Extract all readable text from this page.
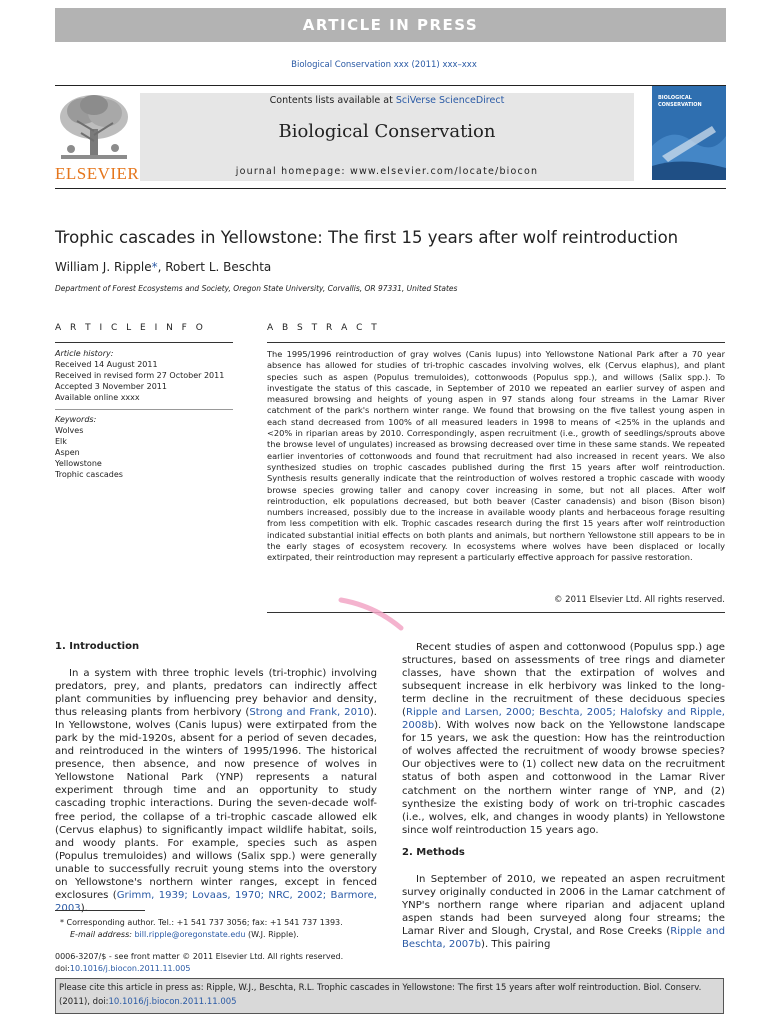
ARTICLE IN PRESS
Biological Conservation xxx (2011) xxx–xxx
ELSEVIER
Contents lists available at SciVerse ScienceDirect
Biological Conservation
journal homepage: www.elsevier.com/locate/biocon
BIOLOGICAL
CONSERVATION
Trophic cascades in Yellowstone: The first 15 years after wolf reintroduction
William J. Ripple*, Robert L. Beschta
Department of Forest Ecosystems and Society, Oregon State University, Corvallis, OR 97331, United States
A R T I C L E I N F O	A B S T R A C T
Article history:
Received 14 August 2011
Received in revised form 27 October 2011
Accepted 3 November 2011
Available online xxxx
Keywords:
Wolves
Elk
Aspen
Yellowstone
Trophic cascades

The 1995/1996 reintroduction of gray wolves (Canis lupus) into Yellowstone National Park after a 70 year absence has allowed for studies of tri-trophic cascades involving wolves, elk (Cervus elaphus), and plant species such as aspen (Populus tremuloides), cottonwoods (Populus spp.), and willows (Salix spp.). To investigate the status of this cascade, in September of 2010 we repeated an earlier survey of aspen and measured browsing and heights of young aspen in 97 stands along four streams in the Lamar River catchment of the park's northern winter range. We found that browsing on the five tallest young aspen in each stand decreased from 100% of all measured leaders in 1998 to means of <25% in the uplands and <20% in riparian areas by 2010. Correspondingly, aspen recruitment (i.e., growth of seedlings/sprouts above the browse level of ungulates) increased as browsing decreased over time in these same stands. We repeated earlier inventories of cottonwoods and found that recruitment had also increased in recent years. We also synthesized studies on trophic cascades published during the first 15 years after wolf reintroduction. Synthesis results generally indicate that the reintroduction of wolves restored a trophic cascade with woody browse species growing taller and canopy cover increasing in some, but not all places. After wolf reintroduction, elk populations decreased, but both beaver (Caster canadensis) and bison (Bison bison) numbers increased, possibly due to the increase in available woody plants and herbaceous forage resulting from less competition with elk. Trophic cascades research during the first 15 years after wolf reintroduction indicated substantial initial effects on both plants and animals, but northern Yellowstone still appears to be in the early stages of ecosystem recovery. In ecosystems where wolves have been displaced or locally extirpated, their reintroduction may represent a particularly effective approach for passive restoration.

© 2011 Elsevier Ltd. All rights reserved.
1. Introduction

In a system with three trophic levels (tri-trophic) involving predators, prey, and plants, predators can indirectly affect plant communities by influencing prey behavior and density, thus releasing plants from herbivory (Strong and Frank, 2010). In Yellowstone, wolves (Canis lupus) were extirpated from the park by the mid-1920s, absent for a period of seven decades, and reintroduced in the winters of 1995/1996. The historical presence, then absence, and now presence of wolves in Yellowstone National Park (YNP) represents a natural experiment through time and an opportunity to study cascading trophic interactions. During the seven-decade wolf-free period, the collapse of a tri-trophic cascade allowed elk (Cervus elaphus) to significantly impact wildlife habitat, soils, and woody plants. For example, species such as aspen (Populus tremuloides) and willows (Salix spp.) were generally unable to successfully recruit young stems into the overstory on Yellowstone's northern winter ranges, except in fenced exclosures (Grimm, 1939; Lovaas, 1970; NRC, 2002; Barmore, 2003).

Recent studies of aspen and cottonwood (Populus spp.) age structures, based on assessments of tree rings and diameter classes, have shown that the extirpation of wolves and subsequent increase in elk herbivory was linked to the long-term decline in the recruitment of these deciduous species (Ripple and Larsen, 2000; Beschta, 2005; Halofsky and Ripple, 2008b). With wolves now back on the Yellowstone landscape for 15 years, we ask the question: How has the reintroduction of wolves affected the recruitment of woody browse species? Our objectives were to (1) collect new data on the recruitment status of both aspen and cottonwood in the Lamar River catchment on the northern winter range of YNP, and (2) synthesize the existing body of work on tri-trophic cascades (i.e., wolves, elk, and changes in woody plants) in Yellowstone since wolf reintroduction 15 years ago.

2. Methods

In September of 2010, we repeated an aspen recruitment survey originally conducted in 2006 in the Lamar catchment of YNP's northern range where riparian and adjacent upland aspen stands had been surveyed along four streams; the Lamar River and Slough, Crystal, and Rose Creeks (Ripple and Beschta, 2007b). This pairing

* Corresponding author. Tel.: +1 541 737 3056; fax: +1 541 737 1393.
E-mail address: bill.ripple@oregonstate.edu (W.J. Ripple).
0006-3207/$ - see front matter © 2011 Elsevier Ltd. All rights reserved.
doi:10.1016/j.biocon.2011.11.005
Please cite this article in press as: Ripple, W.J., Beschta, R.L. Trophic cascades in Yellowstone: The first 15 years after wolf reintroduction. Biol. Conserv. (2011), doi:10.1016/j.biocon.2011.11.005
